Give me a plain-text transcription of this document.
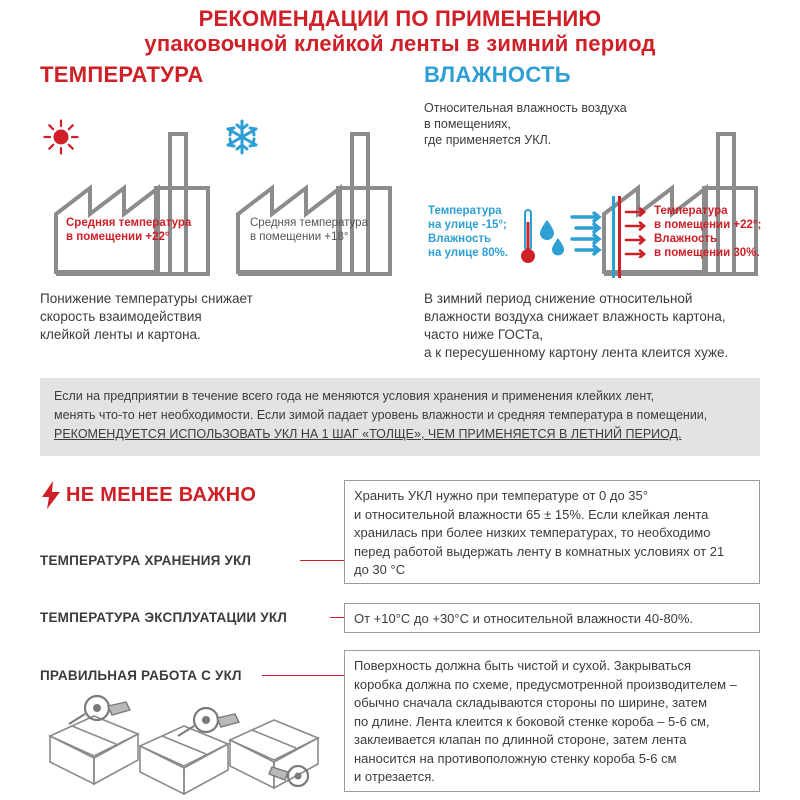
РЕКОМЕНДАЦИИ ПО ПРИМЕНЕНИЮ
упаковочной клейкой ленты в зимний период
ТЕМПЕРАТУРА	ВЛАЖНОСТЬ
Средняя температура
в помещении +22°
Средняя температура
в помещении +18°
Понижение температуры снижает
скорость взаимодействия
клейкой ленты и картона.
Относительная влажность воздуха
в помещениях,
где применяется УКЛ.
Температура
на улице -15°;
Влажность
на улице 80%.
Температура
в помещении +22°;
Влажность
в помещении 30%.
В зимний период снижение относительной
влажности воздуха снижает влажность картона,
часто ниже ГОСТа,
а к пересушенному картону лента клеится хуже.
Если на предприятии в течение всего года не меняются условия хранения и применения клейких лент,
менять что-то нет необходимости. Если зимой падает уровень влажности и средняя температура в помещении,
РЕКОМЕНДУЕТСЯ ИСПОЛЬЗОВАТЬ УКЛ НА 1 ШАГ «ТОЛЩЕ», ЧЕМ ПРИМЕНЯЕТСЯ В ЛЕТНИЙ ПЕРИОД.
НЕ МЕНЕЕ ВАЖНО
ТЕМПЕРАТУРА ХРАНЕНИЯ УКЛ
Хранить УКЛ нужно при температуре от 0 до 35°
и относительной влажности 65 ± 15%. Если клейкая лента
хранилась при более низких температурах, то необходимо
перед работой выдержать ленту в комнатных условиях от 21
до 30 °С
ТЕМПЕРАТУРА ЭКСПЛУАТАЦИИ УКЛ	От +10°С до +30°С и относительной влажности 40-80%.
ПРАВИЛЬНАЯ РАБОТА С УКЛ
Поверхность должна быть чистой и сухой. Закрываться
коробка должна по схеме, предусмотренной производителем –
обычно сначала складываются стороны по ширине, затем
по длине. Лента клеится к боковой стенке короба – 5-6 см,
заклеивается клапан по длинной стороне, затем лента
наносится на противоположную стенку короба 5-6 см
и отрезается.
